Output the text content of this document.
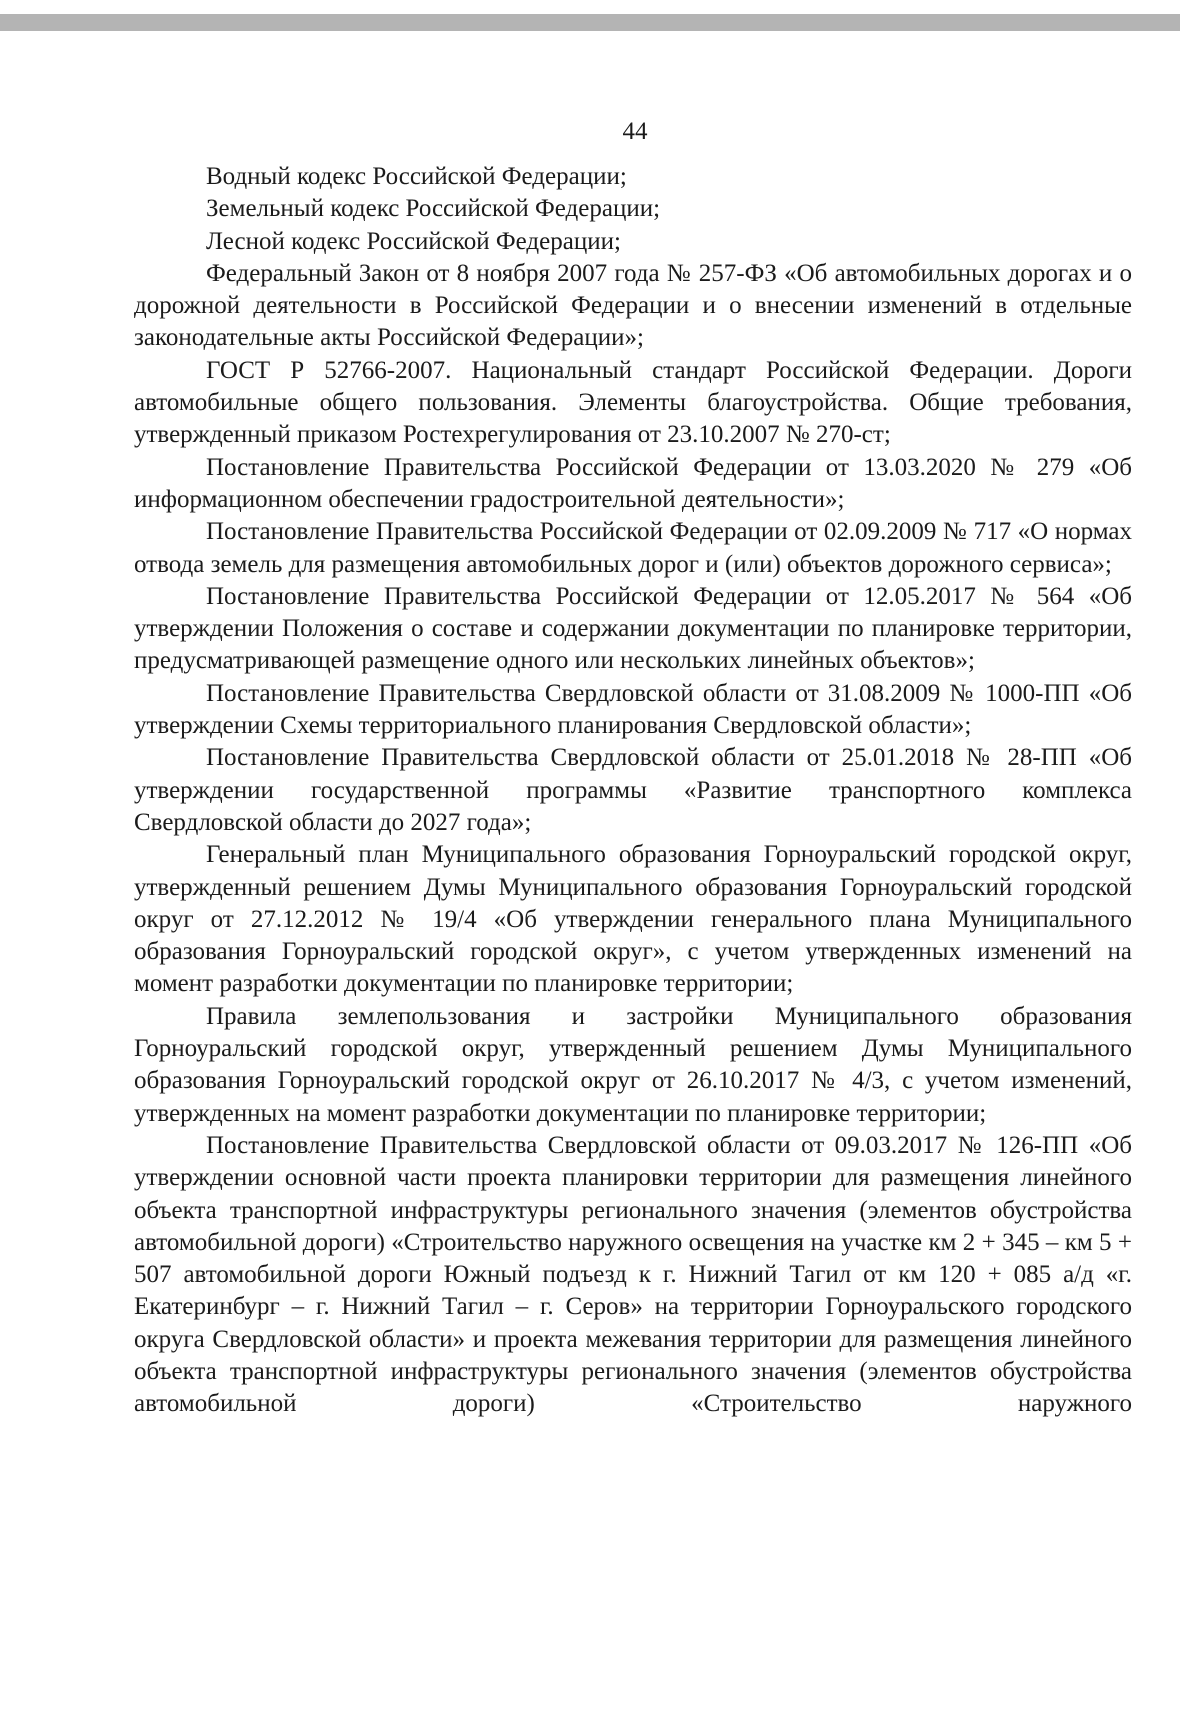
44

Водный кодекс Российской Федерации;

Земельный кодекс Российской Федерации;

Лесной кодекс Российской Федерации;

Федеральный Закон от 8 ноября 2007 года № 257-ФЗ «Об автомобильных дорогах и о дорожной деятельности в Российской Федерации и о внесении изменений в отдельные законодательные акты Российской Федерации»;

ГОСТ Р 52766-2007. Национальный стандарт Российской Федерации. Дороги автомобильные общего пользования. Элементы благоустройства. Общие требования, утвержденный приказом Ростехрегулирования от 23.10.2007 № 270-ст;

Постановление Правительства Российской Федерации от 13.03.2020 № 279 «Об информационном обеспечении градостроительной деятельности»;

Постановление Правительства Российской Федерации от 02.09.2009 № 717 «О нормах отвода земель для размещения автомобильных дорог и (или) объектов дорожного сервиса»;

Постановление Правительства Российской Федерации от 12.05.2017 № 564 «Об утверждении Положения о составе и содержании документации по планировке территории, предусматривающей размещение одного или нескольких линейных объектов»;

Постановление Правительства Свердловской области от 31.08.2009 № 1000-ПП «Об утверждении Схемы территориального планирования Свердловской области»;

Постановление Правительства Свердловской области от 25.01.2018 № 28-ПП «Об утверждении государственной программы «Развитие транспортного комплекса Свердловской области до 2027 года»;

Генеральный план Муниципального образования Горноуральский городской округ, утвержденный решением Думы Муниципального образования Горноуральский городской округ от 27.12.2012 № 19/4 «Об утверждении генерального плана Муниципального образования Горноуральский городской округ», с учетом утвержденных изменений на момент разработки документации по планировке территории;

Правила землепользования и застройки Муниципального образования Горноуральский городской округ, утвержденный решением Думы Муниципального образования Горноуральский городской округ от 26.10.2017 № 4/3, с учетом изменений, утвержденных на момент разработки документации по планировке территории;

Постановление Правительства Свердловской области от 09.03.2017 № 126-ПП «Об утверждении основной части проекта планировки территории для размещения линейного объекта транспортной инфраструктуры регионального значения (элементов обустройства автомобильной дороги) «Строительство наружного освещения на участке км 2 + 345 – км 5 + 507 автомобильной дороги Южный подъезд к г. Нижний Тагил от км 120 + 085 а/д «г. Екатеринбург – г. Нижний Тагил – г. Серов» на территории Горноуральского городского округа Свердловской области» и проекта межевания территории для размещения линейного объекта транспортной инфраструктуры регионального значения (элементов обустройства автомобильной дороги) «Строительство наружного
